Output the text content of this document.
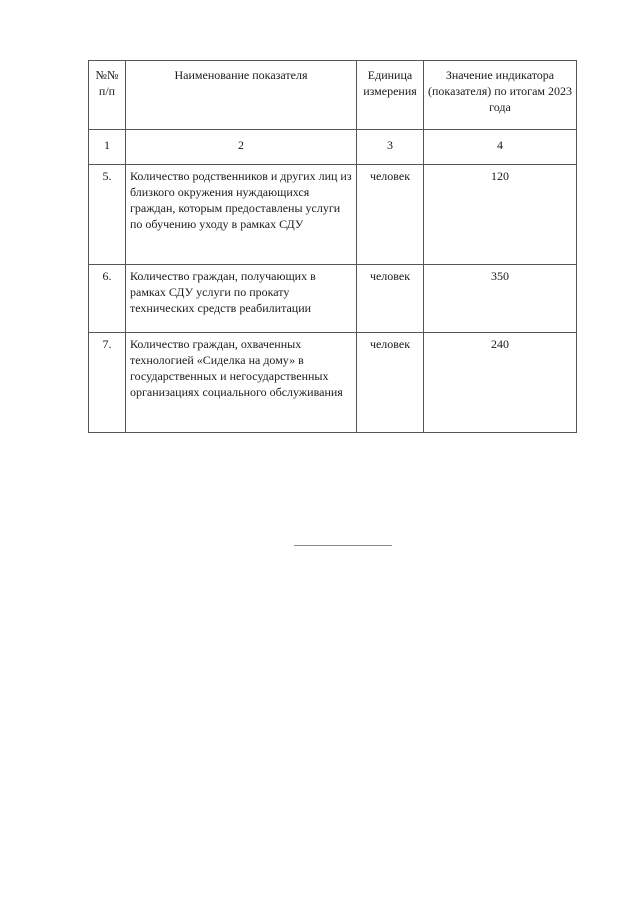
№№ п/п	Наименование показателя	Единица измерения	Значение индикатора (показателя) по итогам 2023 года
1	2	3	4
5.	Количество родственников и других лиц из близкого окружения нуждающихся граждан, которым предоставлены услуги по обучению уходу в рамках СДУ	человек	120
6.	Количество граждан, получающих в рамках СДУ услуги по прокату технических средств реабилитации	человек	350
7.	Количество граждан, охваченных технологией «Сиделка на дому» в государственных и негосударственных организациях социального обслуживания	человек	240
